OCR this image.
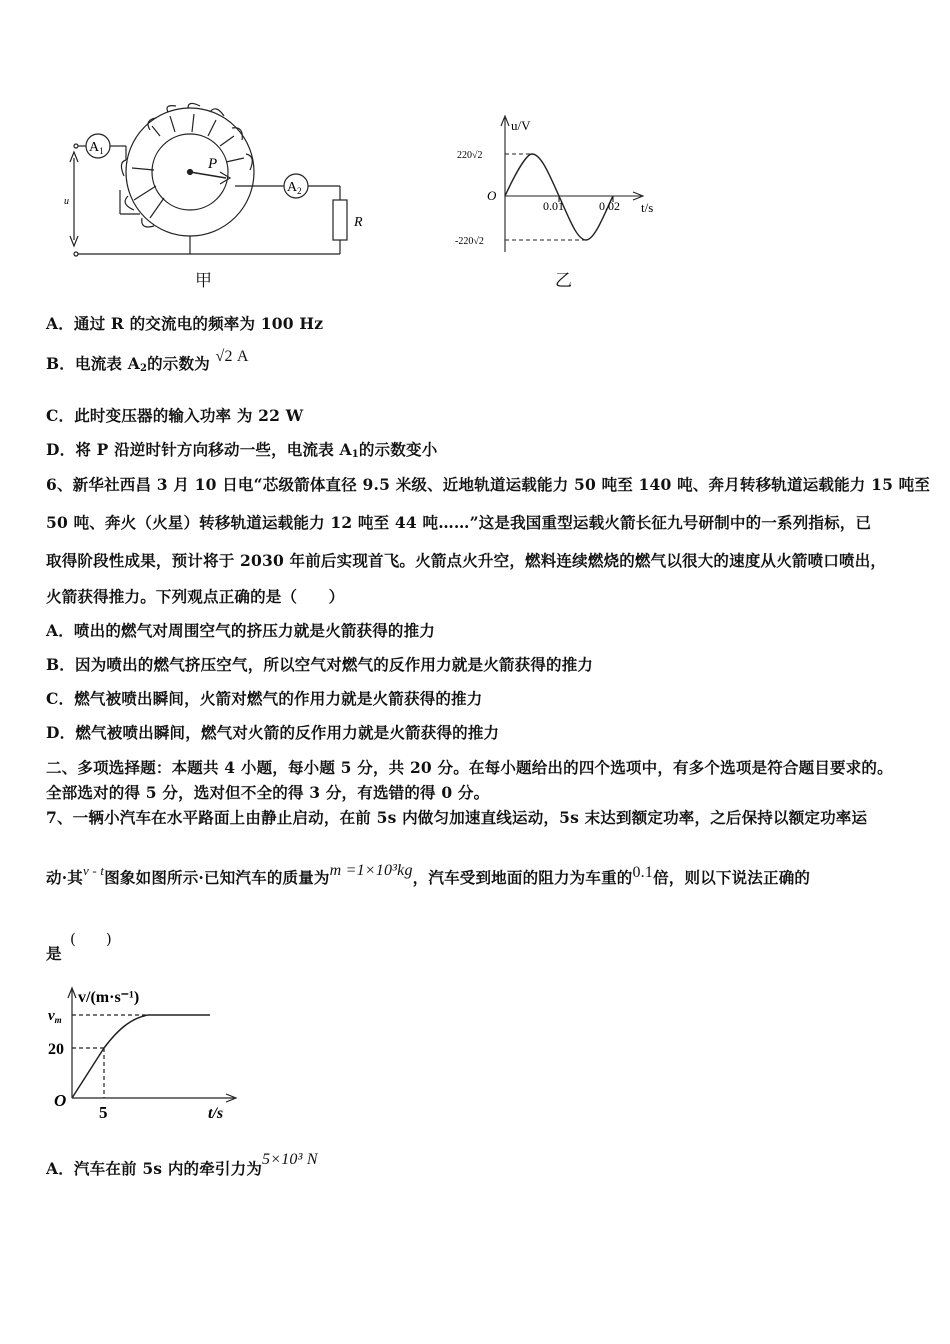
$A_1$
$A_2$
P
R
u
甲
u/V
t/s
O
220√2
-220√2
0.01	0.02
乙
A．通过 R 的交流电的频率为 100 Hz
B．电流表 $A_2$的示数为 √2 A
C．此时变压器的输入功率 为 22 W
D．将 P 沿逆时针方向移动一些，电流表 $A_1$的示数变小
6、新华社西昌 3 月 10 日电“芯级箭体直径 9.5 米级、近地轨道运载能力 50 吨至 140 吨、奔月转移轨道运载能力 15 吨至
50 吨、奔火（火星）转移轨道运载能力 12 吨至 44 吨……”这是我国重型运载火箭长征九号研制中的一系列指标，已
取得阶段性成果，预计将于 2030 年前后实现首飞。火箭点火升空，燃料连续燃烧的燃气以很大的速度从火箭喷口喷出，
火箭获得推力。下列观点正确的是（　　）
A．喷出的燃气对周围空气的挤压力就是火箭获得的推力
B．因为喷出的燃气挤压空气，所以空气对燃气的反作用力就是火箭获得的推力
C．燃气被喷出瞬间，火箭对燃气的作用力就是火箭获得的推力
D．燃气被喷出瞬间，燃气对火箭的反作用力就是火箭获得的推力
二、多项选择题：本题共 4 小题，每小题 5 分，共 20 分。在每小题给出的四个选项中，有多个选项是符合题目要求的。
全部选对的得 5 分，选对但不全的得 3 分，有选错的得 0 分。
7、一辆小汽车在水平路面上由静止启动，在前 5s 内做匀加速直线运动，5s 末达到额定功率，之后保持以额定功率运
动·其$^{v - t}$图象如图所示·已知汽车的质量为m =1×10³kg，汽车受到地面的阻力为车重的0.1倍，则以下说法正确的
是
(　　)
v/(m·s⁻¹)
$v_m$
20
O
5	t/s
A．汽车在前 5s 内的牵引力为5×10³ N
